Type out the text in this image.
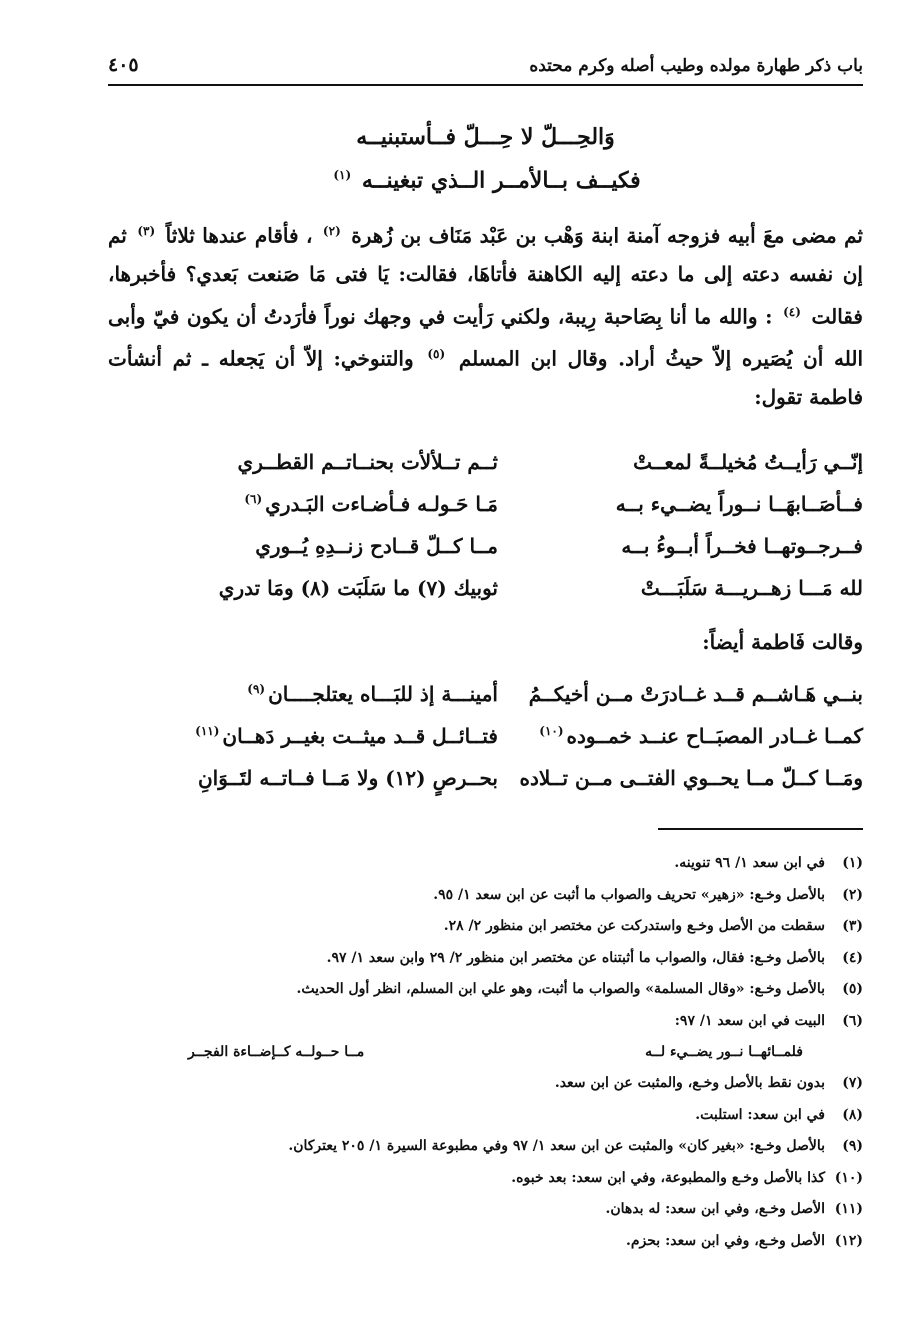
باب ذكر طهارة مولده وطيب أصله وكرم محتده
٤٠٥
وَالحِـــلّ لا حِـــلّ فــأستبنيــه
فكيــف بــالأمــر الــذي تبغينــه $^{(١)}$

ثم مضى معَ أبيه فزوجه آمنة ابنة وَهْب بن عَبْد مَنَاف بن زُهرة $^{(٢)}$ ، فأقام عندها ثلاثاً $^{(٣)}$ ثم إن نفسه دعته إلى ما دعته إليه الكاهنة فأتاهَا، فقالت: يَا فتى مَا صَنعت بَعدي؟ فأخبرها، فقالت $^{(٤)}$ : والله ما أنا بِصَاحبة رِيبة، ولكني رَأيت في وجهك نوراً فأرَدتُ أن يكون فيّ وأبى الله أن يُصَيره إلاّ حيثُ أراد. وقال ابن المسلم $^{(٥)}$ والتنوخي: إلاّ أن يَجعله ـ ثم أنشأت فاطمة تقول:

إنّــي رَأيــتُ مُخيلــةً لمعــتْ
ثــم تــلألأت بحنــاتــم القطــري
فــأصَــابهَــا نــوراً يضــيء بــه
مَـا حَـولـه فـأضـاءت البَـدري$^{(٦)}$
فــرجــوتهــا فخــراً أبــوءُ بــه
مــا كــلّ قــادح زنــدِهِ يُــوري
لله مَـــا زهــريـــة سَلَبَـــتْ
ثوبيك (٧) ما سَلَبَت (٨) ومَا تدري
وقالت فَاطمة أيضاً:
بنــي هَـاشــم قــد غــادرَتْ مــن أخيكــمُ
أمينـــة إذ للبَـــاه يعتلجــــان$^{(٩)}$
كمــا غــادر المصبَــاح عنــد خمــوده$^{(١٠)}$
فتــائــل قــد ميثــت بغيــر دَهــان$^{(١١)}$
ومَــا كــلّ مــا يحــوي الفتــى مــن تــلاده
بحــرصٍ (١٢) ولا مَــا فــاتــه لتَــوَانِ
(١)في ابن سعد ١/ ٩٦ تنوينه.
(٢)بالأصل وخـع: «زهير» تحريف والصواب ما أثبت عن ابن سعد ١/ ٩٥.
(٣)سقطت من الأصل وخـع واستدركت عن مختصر ابن منظور ٢/ ٢٨.
(٤)بالأصل وخـع: فقال، والصواب ما أثبتناه عن مختصر ابن منظور ٢/ ٢٩ وابن سعد ١/ ٩٧.
(٥)بالأصل وخـع: «وقال المسلمة» والصواب ما أثبت، وهو علي ابن المسلم، انظر أول الحديث.
(٦)البيت في ابن سعد ١/ ٩٧:
فلمــائهــا نــور يضــيء لــه
مــا حــولــه كــإضــاءة الفجــر
(٧)بدون نقط بالأصل وخـع، والمثبت عن ابن سعد.
(٨)في ابن سعد: استلبت.
(٩)بالأصل وخـع: «بغير كان» والمثبت عن ابن سعد ١/ ٩٧ وفي مطبوعة السيرة ١/ ٢٠٥ يعتركان.
(١٠)كذا بالأصل وخـع والمطبوعة، وفي ابن سعد: بعد خبوه.
(١١)الأصل وخـع، وفي ابن سعد: له بدهان.
(١٢)الأصل وخـع، وفي ابن سعد: بحزم.
